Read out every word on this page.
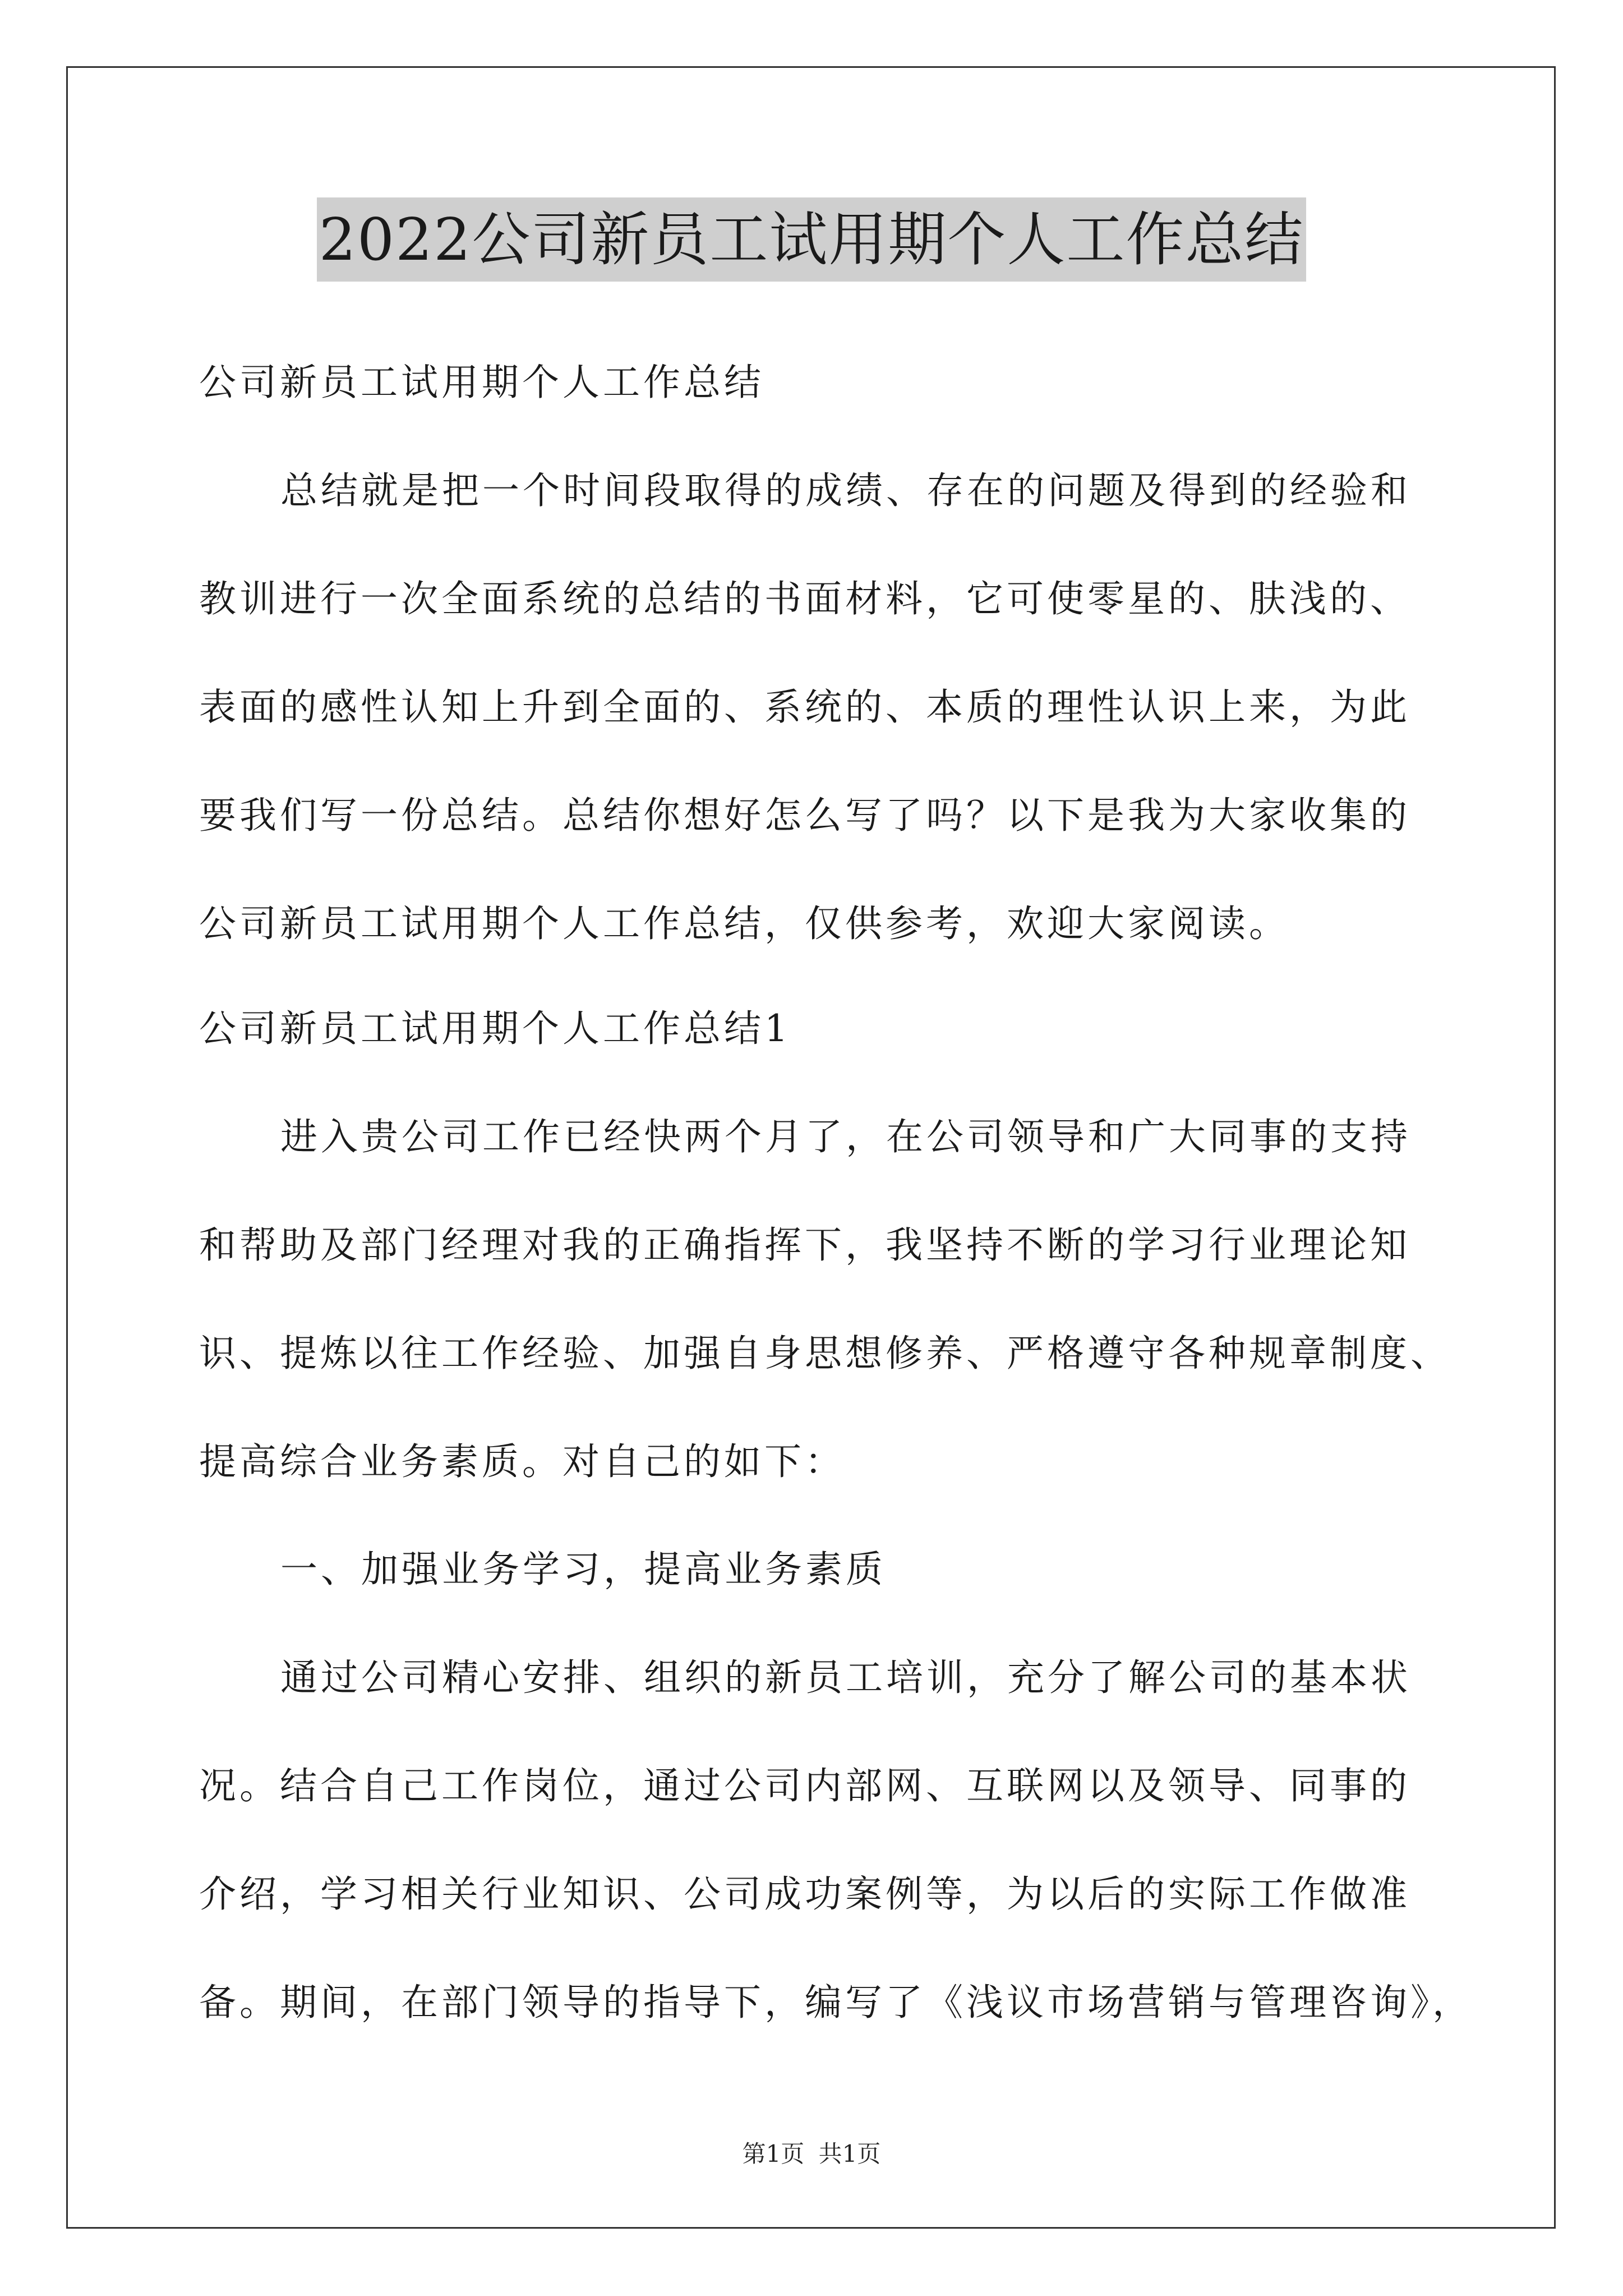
2022公司新员工试用期个人工作总结
公司新员工试用期个人工作总结
总结就是把一个时间段取得的成绩、存在的问题及得到的经验和
教训进行一次全面系统的总结的书面材料，它可使零星的、肤浅的、
表面的感性认知上升到全面的、系统的、本质的理性认识上来，为此
要我们写一份总结。总结你想好怎么写了吗？以下是我为大家收集的
公司新员工试用期个人工作总结，仅供参考，欢迎大家阅读。
公司新员工试用期个人工作总结1
进入贵公司工作已经快两个月了，在公司领导和广大同事的支持
和帮助及部门经理对我的正确指挥下，我坚持不断的学习行业理论知
识、提炼以往工作经验、加强自身思想修养、严格遵守各种规章制度、
提高综合业务素质。对自己的如下：
一、加强业务学习，提高业务素质
通过公司精心安排、组织的新员工培训，充分了解公司的基本状
况。结合自己工作岗位，通过公司内部网、互联网以及领导、同事的
介绍，学习相关行业知识、公司成功案例等，为以后的实际工作做准
备。期间，在部门领导的指导下，编写了《浅议市场营销与管理咨询》，
第1页 共1页
